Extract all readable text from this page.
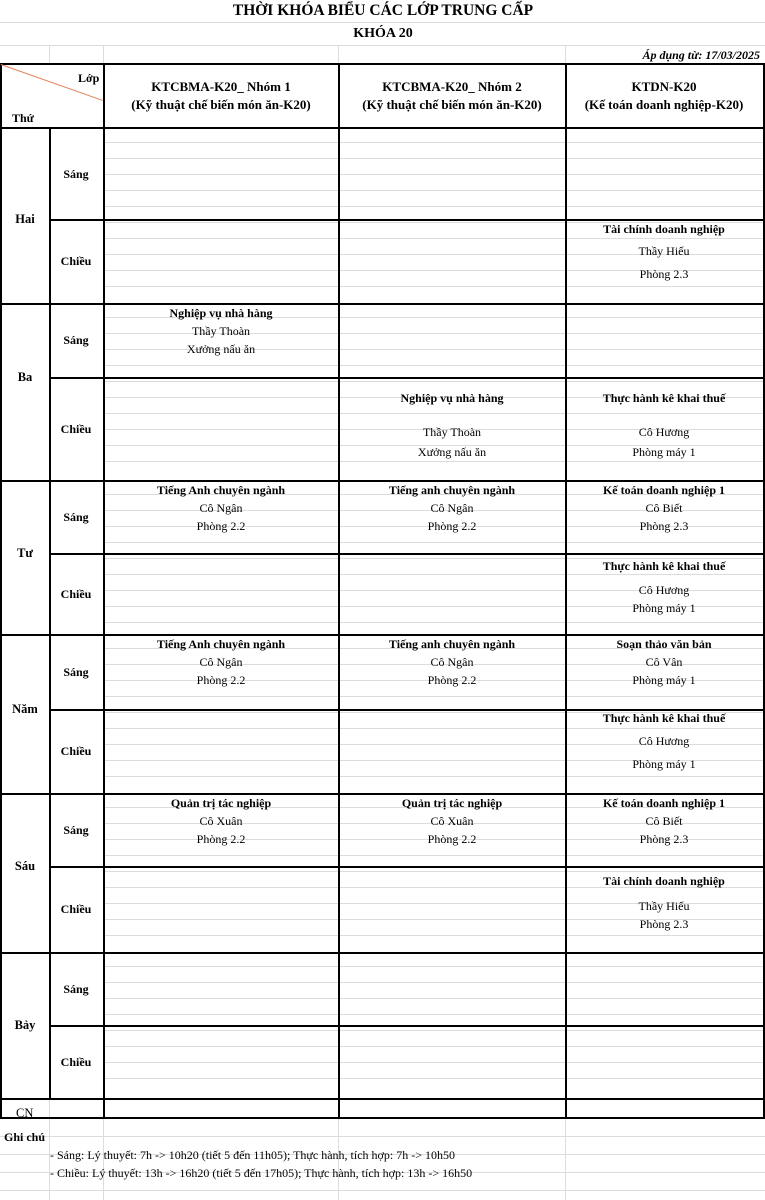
THỜI KHÓA BIỂU CÁC LỚP TRUNG CẤP
KHÓA 20
Áp dụng từ: 17/03/2025
Lớp
Thứ
KTCBMA-K20_ Nhóm 1
(Kỹ thuật chế biến món ăn-K20)
KTCBMA-K20_ Nhóm 2
(Kỹ thuật chế biến món ăn-K20)
KTDN-K20
(Kế toán doanh nghiệp-K20)
Hai
Sáng
Chiều
Tài chính doanh nghiệp
Thầy Hiếu
Phòng 2.3
Ba
Sáng
Nghiệp vụ nhà hàng
Thầy Thoàn
Xưởng nấu ăn
Chiều
Nghiệp vụ nhà hàng
Thầy Thoàn
Xưởng nấu ăn
Thực hành kê khai thuế
Cô Hương
Phòng máy 1
Tư
Sáng
Tiếng Anh chuyên ngành
Cô Ngân
Phòng 2.2
Tiếng anh chuyên ngành
Cô Ngân
Phòng 2.2
Kế toán doanh nghiệp 1
Cô Biết
Phòng 2.3
Chiều
Thực hành kê khai thuế
Cô Hương
Phòng máy 1
Năm
Sáng
Tiếng Anh chuyên ngành
Cô Ngân
Phòng 2.2
Tiếng anh chuyên ngành
Cô Ngân
Phòng 2.2
Soạn thảo văn bản
Cô Vân
Phòng máy 1
Chiều
Thực hành kê khai thuế
Cô Hương
Phòng máy 1
Sáu
Sáng
Quản trị tác nghiệp
Cô Xuân
Phòng 2.2
Quản trị tác nghiệp
Cô Xuân
Phòng 2.2
Kế toán doanh nghiệp 1
Cô Biết
Phòng 2.3
Chiều
Tài chính doanh nghiệp
Thầy Hiếu
Phòng 2.3
Bảy
Sáng
Chiều
CN
Ghi chú
- Sáng: Lý thuyết: 7h -> 10h20 (tiết 5 đến 11h05); Thực hành, tích hợp: 7h -> 10h50
- Chiều: Lý thuyết: 13h -> 16h20 (tiết 5 đến 17h05); Thực hành, tích hợp: 13h -> 16h50
